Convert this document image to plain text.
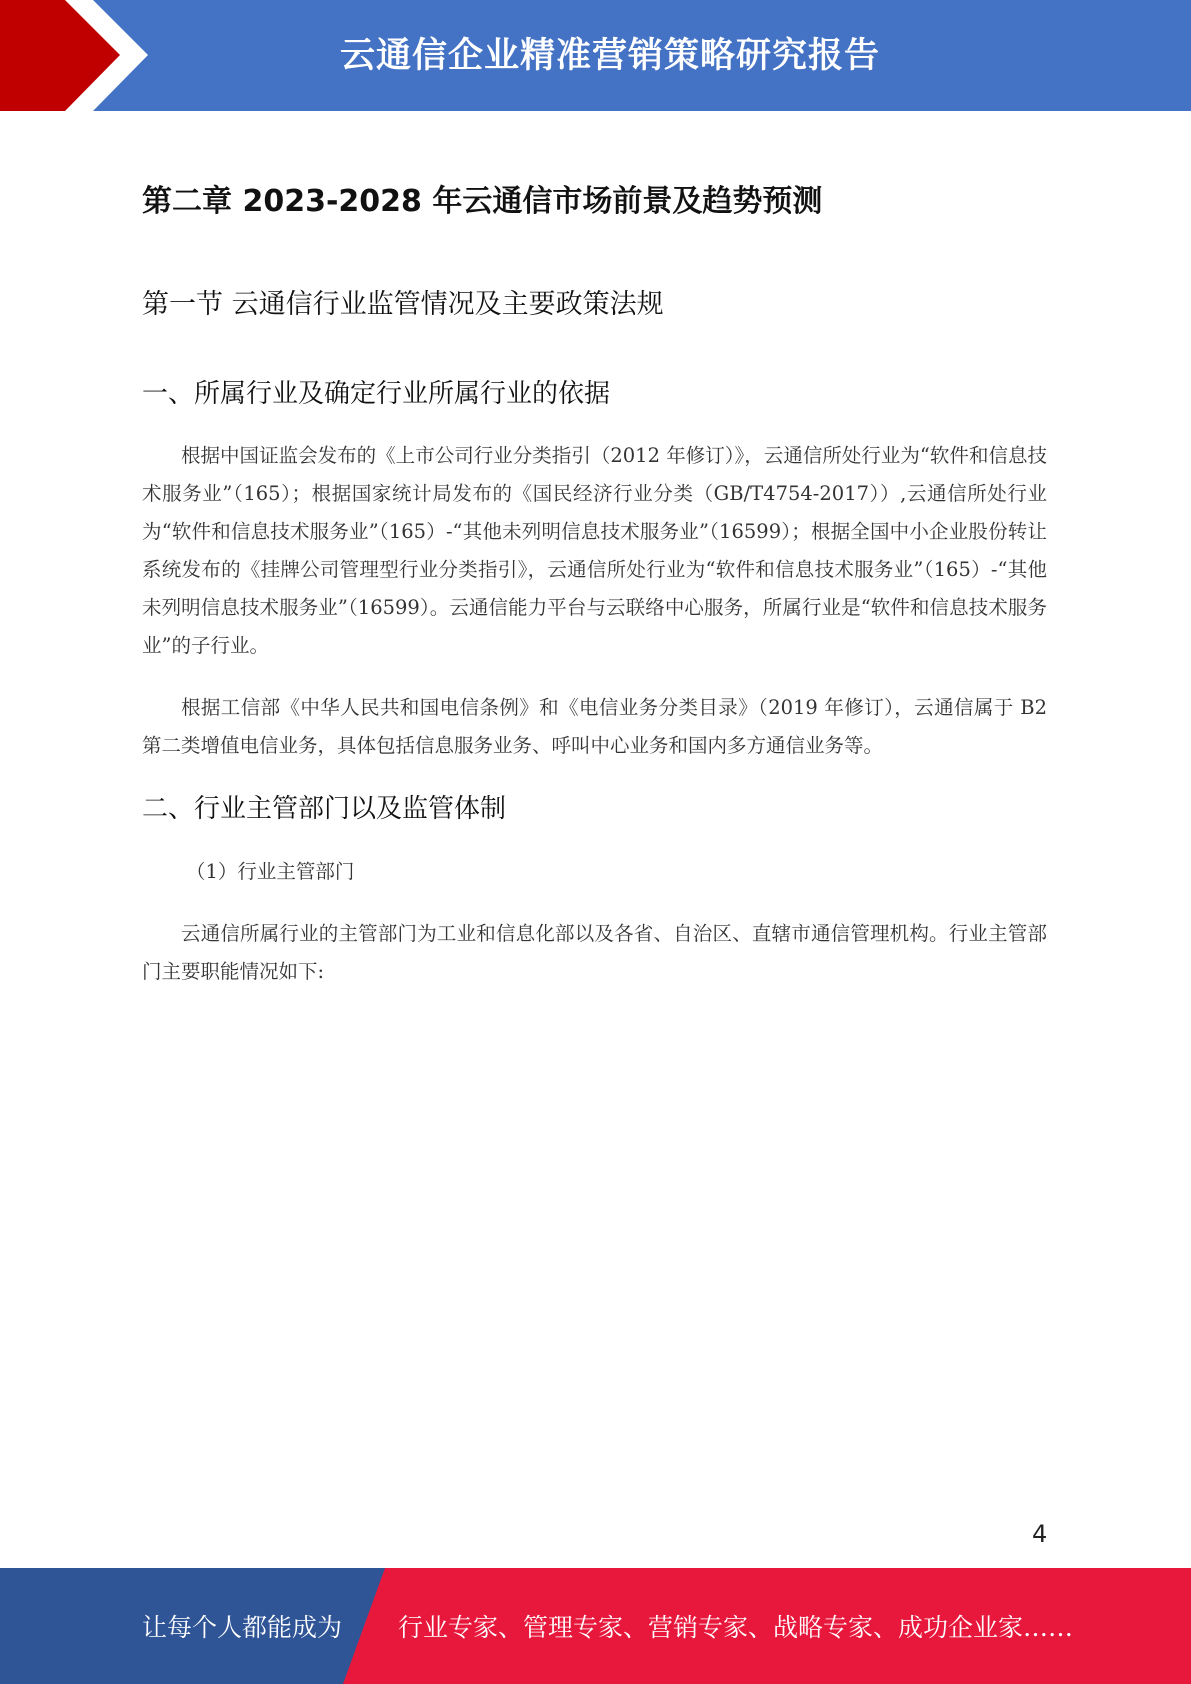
云通信企业精准营销策略研究报告
第二章 2023-2028 年云通信市场前景及趋势预测
第一节 云通信行业监管情况及主要政策法规
一、所属行业及确定行业所属行业的依据

根据中国证监会发布的《上市公司行业分类指引（2012 年修订）》，云通信所处行业为“软件和信息技术服务业”（165）；根据国家统计局发布的《国民经济行业分类（GB/T4754-2017））,云通信所处行业为“软件和信息技术服务业”（165）-“其他未列明信息技术服务业”（16599）；根据全国中小企业股份转让系统发布的《挂牌公司管理型行业分类指引》，云通信所处行业为“软件和信息技术服务业”（165）-“其他未列明信息技术服务业”（16599）。云通信能力平台与云联络中心服务，所属行业是“软件和信息技术服务业”的子行业。

根据工信部《中华人民共和国电信条例》和《电信业务分类目录》（2019 年修订），云通信属于 B2 第二类增值电信业务，具体包括信息服务业务、呼叫中心业务和国内多方通信业务等。

二、行业主管部门以及监管体制

（1）行业主管部门

云通信所属行业的主管部门为工业和信息化部以及各省、自治区、直辖市通信管理机构。行业主管部门主要职能情况如下:

4
让每个人都能成为 行业专家、管理专家、营销专家、战略专家、成功企业家……
